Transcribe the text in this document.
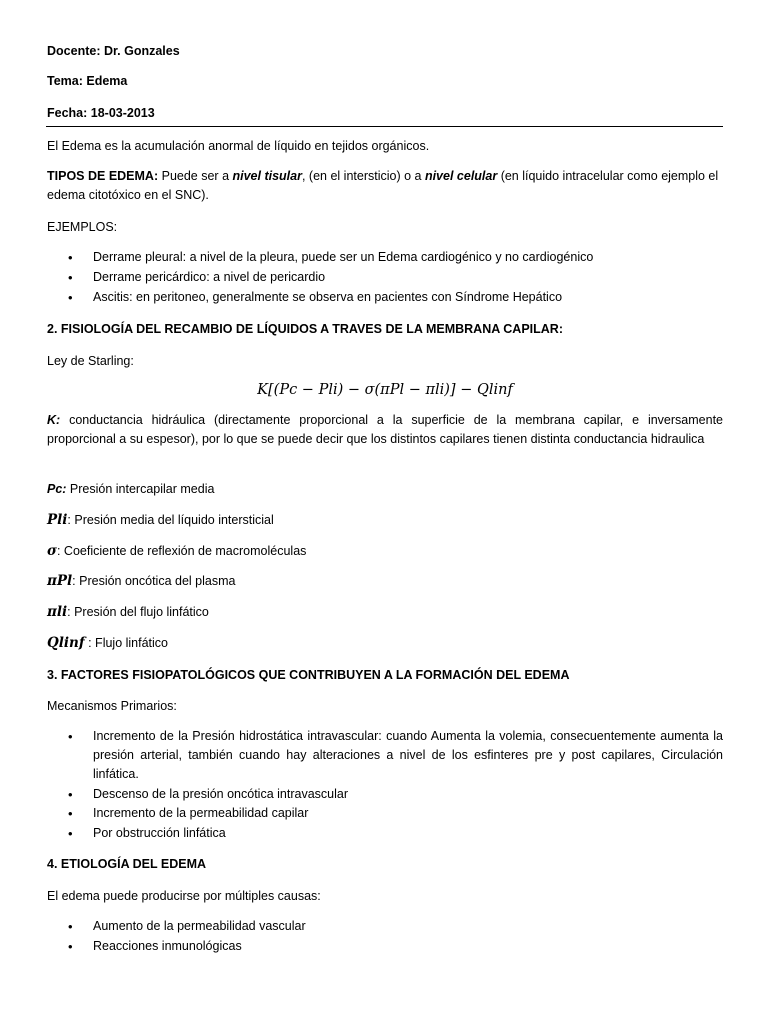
Docente: Dr. Gonzales
Tema: Edema
Fecha: 18-03-2013
El Edema es la acumulación anormal de líquido en tejidos orgánicos.
TIPOS DE EDEMA: Puede ser a nivel tisular, (en el intersticio) o a nivel celular (en líquido intracelular como ejemplo el edema citotóxico en el SNC).
EJEMPLOS:
• Derrame pleural: a nivel de la pleura, puede ser un Edema cardiogénico y no cardiogénico
• Derrame pericárdico: a nivel de pericardio
• Ascitis: en peritoneo, generalmente se observa en pacientes con Síndrome Hepático
2. FISIOLOGÍA DEL RECAMBIO DE LÍQUIDOS A TRAVES DE LA MEMBRANA CAPILAR:
Ley de Starling:
K[(Pc − Pli) − σ(πPl − πli)] − Qlinf
K: conductancia hidráulica (directamente proporcional a la superficie de la membrana capilar, e inversamente proporcional a su espesor), por lo que se puede decir que los distintos capilares tienen distinta conductancia hidraulica
Pc: Presión intercapilar media
Pli: Presión media del líquido intersticial
σ: Coeficiente de reflexión de macromoléculas
πPl: Presión oncótica del plasma
πli: Presión del flujo linfático
Qlinf : Flujo linfático
3. FACTORES FISIOPATOLÓGICOS QUE CONTRIBUYEN A LA FORMACIÓN DEL EDEMA
Mecanismos Primarios:
• Incremento de la Presión hidrostática intravascular: cuando Aumenta la volemia, consecuentemente aumenta la presión arterial, también cuando hay alteraciones a nivel de los esfinteres pre y post capilares, Circulación linfática.
• Descenso de la presión oncótica intravascular
• Incremento de la permeabilidad capilar
• Por obstrucción linfática
4. ETIOLOGÍA DEL EDEMA
El edema puede producirse por múltiples causas:
• Aumento de la permeabilidad vascular
• Reacciones inmunológicas
